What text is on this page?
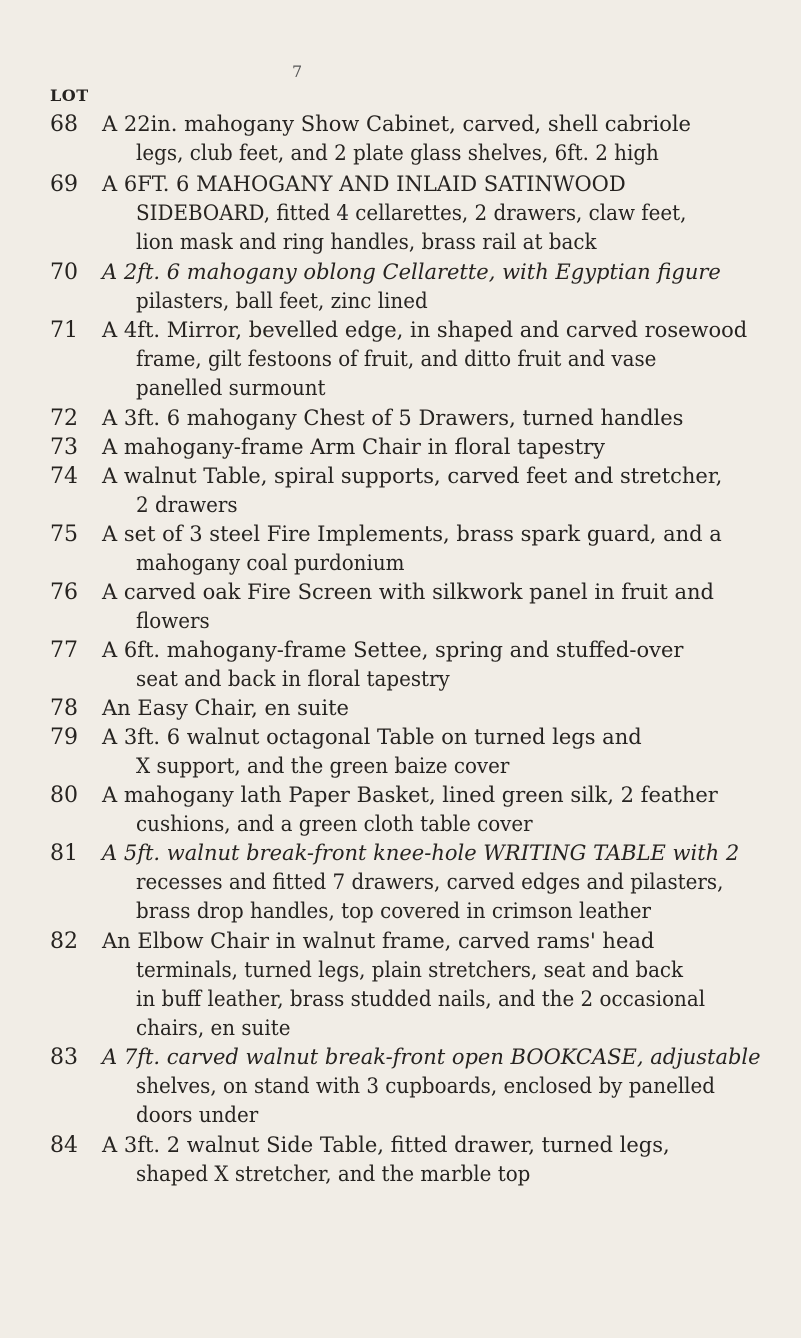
7
LOT
68	A 22in. mahogany Show Cabinet, carved, shell cabriole
legs, club feet, and 2 plate glass shelves, 6ft. 2 high

69	A 6FT. 6 MAHOGANY AND INLAID SATINWOOD
SIDEBOARD, fitted 4 cellarettes, 2 drawers, claw feet,
lion mask and ring handles, brass rail at back

70	A 2ft. 6 mahogany oblong Cellarette, with Egyptian figure
pilasters, ball feet, zinc lined

71	A 4ft. Mirror, bevelled edge, in shaped and carved rosewood
frame, gilt festoons of fruit, and ditto fruit and vase
panelled surmount

72	A 3ft. 6 mahogany Chest of 5 Drawers, turned handles
73	A mahogany-frame Arm Chair in floral tapestry
74	A walnut Table, spiral supports, carved feet and stretcher,
2 drawers

75	A set of 3 steel Fire Implements, brass spark guard, and a
mahogany coal purdonium

76	A carved oak Fire Screen with silkwork panel in fruit and
flowers

77	A 6ft. mahogany-frame Settee, spring and stuffed-over
seat and back in floral tapestry

78	An Easy Chair, en suite
79	A 3ft. 6 walnut octagonal Table on turned legs and
X support, and the green baize cover

80	A mahogany lath Paper Basket, lined green silk, 2 feather
cushions, and a green cloth table cover

81	A 5ft. walnut break-front knee-hole WRITING TABLE with 2
recesses and fitted 7 drawers, carved edges and pilasters,
brass drop handles, top covered in crimson leather

82	An Elbow Chair in walnut frame, carved rams' head
terminals, turned legs, plain stretchers, seat and back
in buff leather, brass studded nails, and the 2 occasional
chairs, en suite

83	A 7ft. carved walnut break-front open BOOKCASE, adjustable
shelves, on stand with 3 cupboards, enclosed by panelled
doors under

84	A 3ft. 2 walnut Side Table, fitted drawer, turned legs,
shaped X stretcher, and the marble top
